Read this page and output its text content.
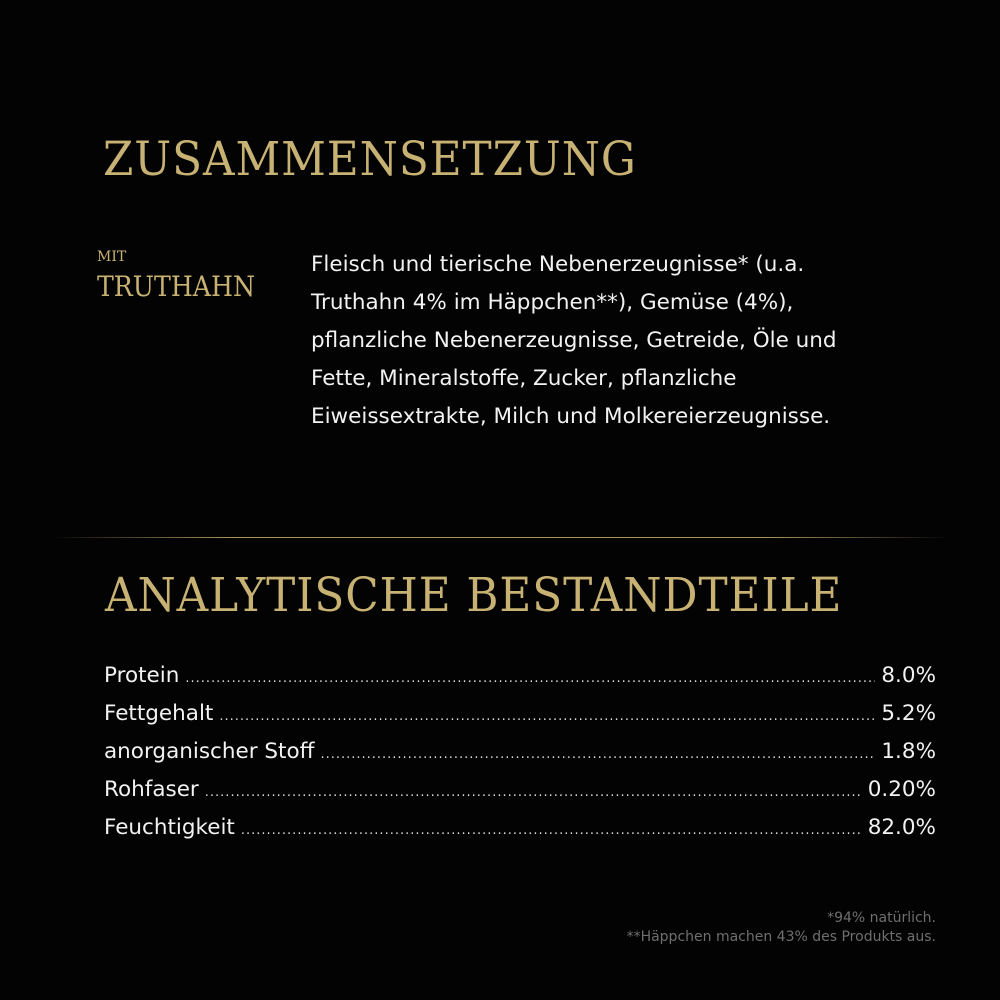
ZUSAMMENSETZUNG
MIT
TRUTHAHN
Fleisch und tierische Nebenerzeugnisse* (u.a.
Truthahn 4% im Häppchen**), Gemüse (4%),
pflanzliche Nebenerzeugnisse, Getreide, Öle und
Fette, Mineralstoffe, Zucker, pflanzliche
Eiweissextrakte, Milch und Molkereierzeugnisse.
ANALYTISCHE BESTANDTEILE
Protein .....	8.0%
Fettgehalt .....	5.2%
anorganischer Stoff .....	1.8%
Rohfaser .....	0.20%
Feuchtigkeit .....	82.0%
*94% natürlich.
**Häppchen machen 43% des Produkts aus.
